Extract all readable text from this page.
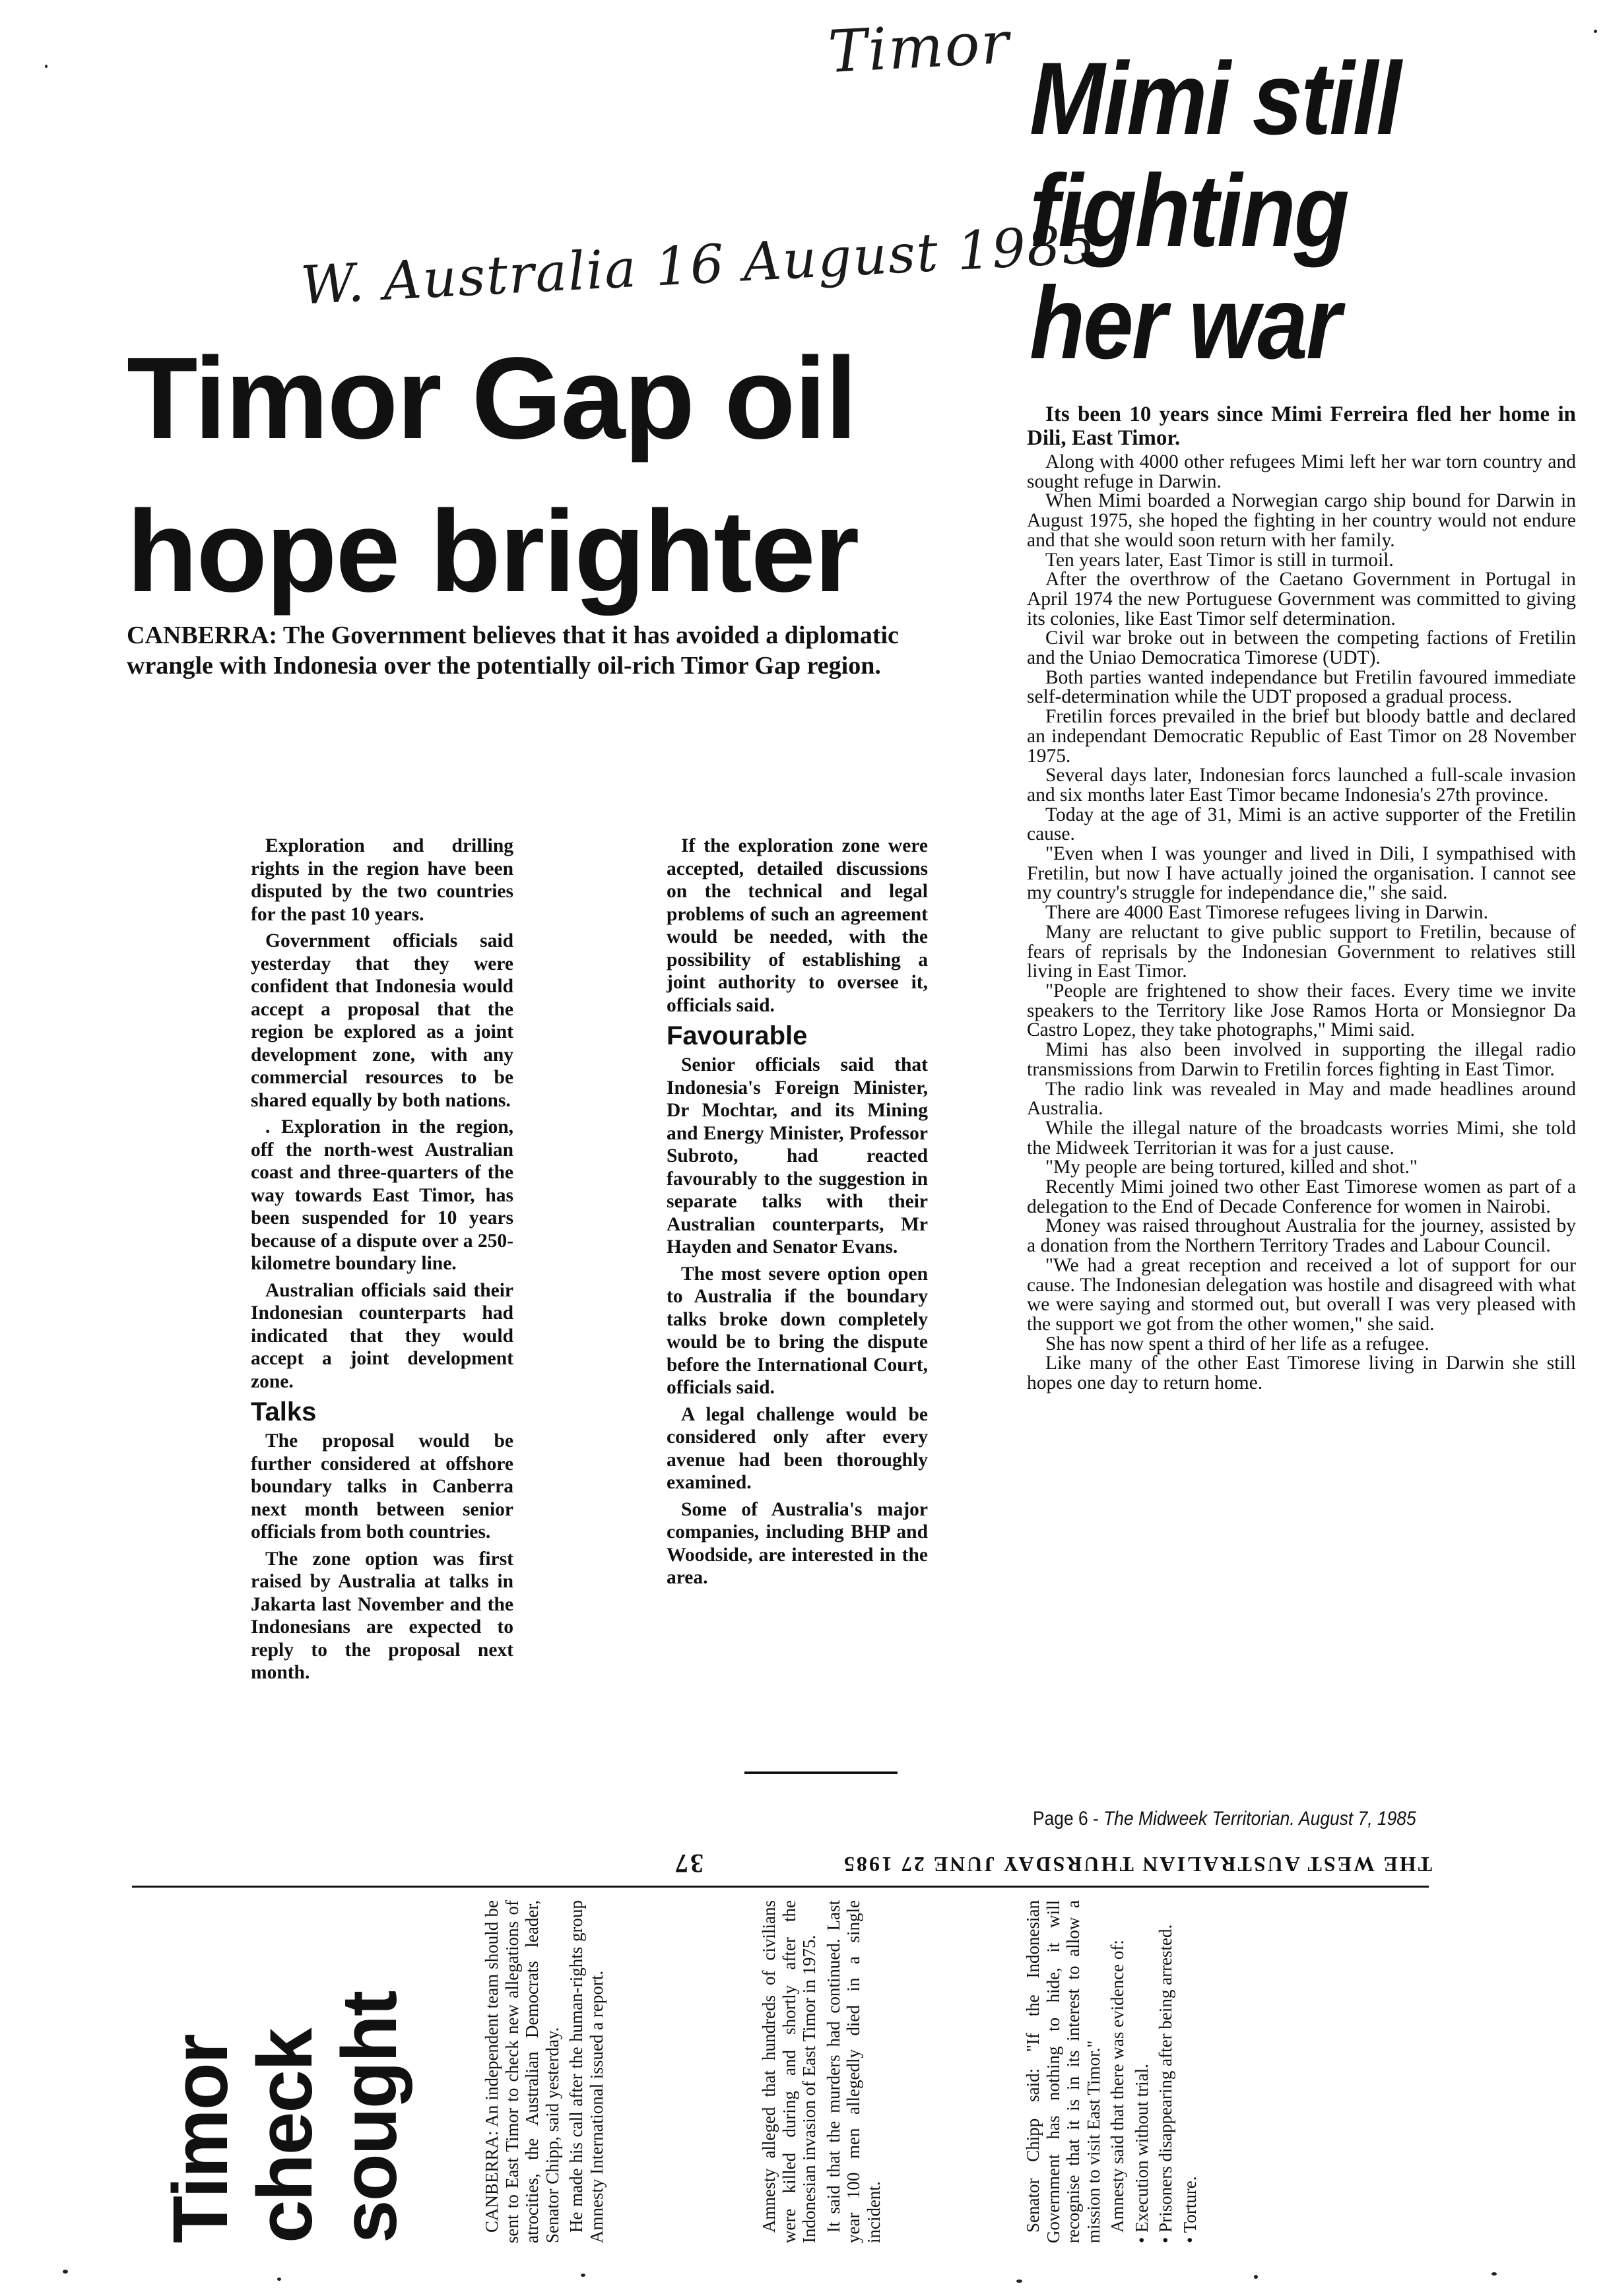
Timor
W. Australia 16 August 1985
Timor Gap oil
hope brighter
CANBERRA: The Government believes that it has avoided a diplomatic wrangle with Indonesia over the potentially oil-rich Timor Gap region.

Exploration and drilling rights in the region have been disputed by the two countries for the past 10 years.

Government officials said yesterday that they were confident that Indonesia would accept a proposal that the region be explored as a joint development zone, with any commercial resources to be shared equally by both nations.

. Exploration in the region, off the north-west Australian coast and three-quarters of the way towards East Timor, has been suspended for 10 years because of a dispute over a 250-kilometre boundary line.

Australian officials said their Indonesian counterparts had indicated that they would accept a joint development zone.

Talks

The proposal would be further considered at offshore boundary talks in Canberra next month between senior officials from both countries.

The zone option was first raised by Australia at talks in Jakarta last November and the Indonesians are expected to reply to the proposal next month.

If the exploration zone were accepted, detailed discussions on the technical and legal problems of such an agreement would be needed, with the possibility of establishing a joint authority to oversee it, officials said.

Favourable

Senior officials said that Indonesia's Foreign Minister, Dr Mochtar, and its Mining and Energy Minister, Professor Subroto, had reacted favourably to the suggestion in separate talks with their Australian counterparts, Mr Hayden and Senator Evans.

The most severe option open to Australia if the boundary talks broke down completely would be to bring the dispute before the International Court, officials said.

A legal challenge would be considered only after every avenue had been thoroughly examined.

Some of Australia's major companies, including BHP and Woodside, are interested in the area.

Mimi still
fighting
her war

Its been 10 years since Mimi Ferreira fled her home in Dili, East Timor.

Along with 4000 other refugees Mimi left her war torn country and sought refuge in Darwin.

When Mimi boarded a Norwegian cargo ship bound for Darwin in August 1975, she hoped the fighting in her country would not endure and that she would soon return with her family.

Ten years later, East Timor is still in turmoil.

After the overthrow of the Caetano Government in Portugal in April 1974 the new Portuguese Government was committed to giving its colonies, like East Timor self determination.

Civil war broke out in between the competing factions of Fretilin and the Uniao Democratica Timorese (UDT).

Both parties wanted independance but Fretilin favoured immediate self-determination while the UDT proposed a gradual process.

Fretilin forces prevailed in the brief but bloody battle and declared an independant Democratic Republic of East Timor on 28 November 1975.

Several days later, Indonesian forcs launched a full-scale invasion and six months later East Timor became Indonesia's 27th province.

Today at the age of 31, Mimi is an active supporter of the Fretilin cause.

"Even when I was younger and lived in Dili, I sympathised with Fretilin, but now I have actually joined the organisation. I cannot see my country's struggle for independance die," she said.

There are 4000 East Timorese refugees living in Darwin.

Many are reluctant to give public support to Fretilin, because of fears of reprisals by the Indonesian Government to relatives still living in East Timor.

"People are frightened to show their faces. Every time we invite speakers to the Territory like Jose Ramos Horta or Monsiegnor Da Castro Lopez, they take photographs," Mimi said.

Mimi has also been involved in supporting the illegal radio transmissions from Darwin to Fretilin forces fighting in East Timor.

The radio link was revealed in May and made headlines around Australia.

While the illegal nature of the broadcasts worries Mimi, she told the Midweek Territorian it was for a just cause.

"My people are being tortured, killed and shot."

Recently Mimi joined two other East Timorese women as part of a delegation to the End of Decade Conference for women in Nairobi.

Money was raised throughout Australia for the journey, assisted by a donation from the Northern Territory Trades and Labour Council.

"We had a great reception and received a lot of support for our cause. The Indonesian delegation was hostile and disagreed with what we were saying and stormed out, but overall I was very pleased with the support we got from the other women," she said.

She has now spent a third of her life as a refugee.

Like many of the other East Timorese living in Darwin she still hopes one day to return home.

Page 6 - The Midweek Territorian. August 7, 1985
THE WEST AUSTRALIAN THURSDAY JUNE 27 1985
37
Timor
check
sought	CANBERRA: An independent team should be sent to East Timor to check new allegations of atrocities, the Australian Democrats leader, Senator Chipp, said yesterday. He made his call after the human-rights group Amnesty International issued a report.	Amnesty alleged that hundreds of civilians were killed during and shortly after the Indonesian invasion of East Timor in 1975. It said that the murders had continued. Last year 100 men allegedly died in a single incident.	Senator Chipp said: "If the Indonesian Government has nothing to hide, it will recognise that it is in its interest to allow a mission to visit East Timor." Amnesty said that there was evidence of: • Execution without trial. • Prisoners disappearing after being arrested. • Torture.
